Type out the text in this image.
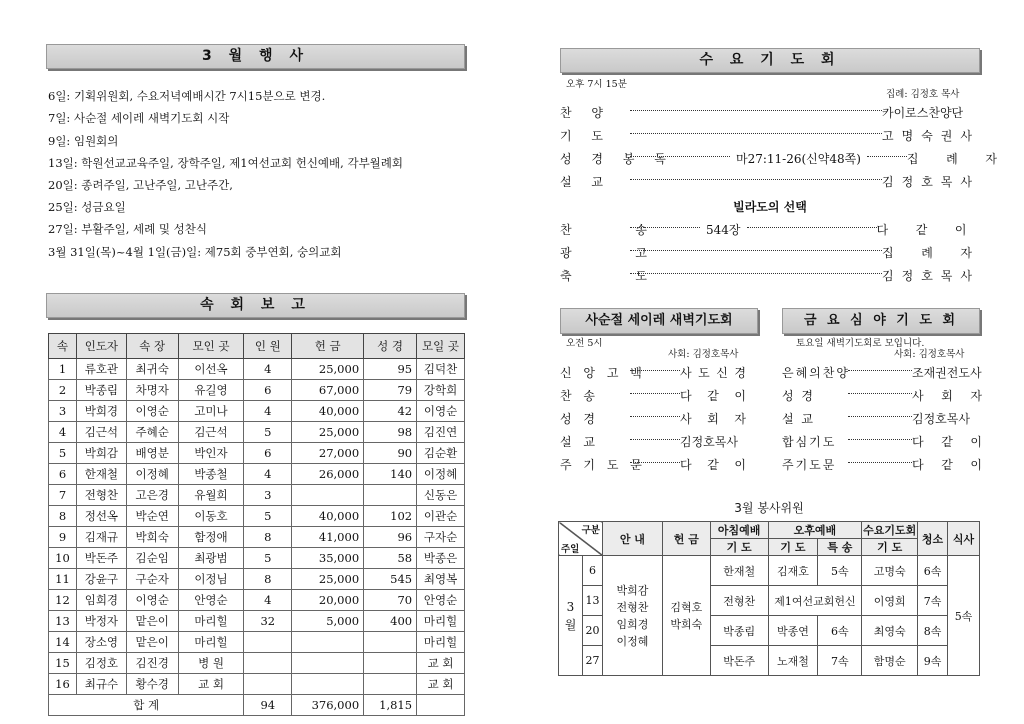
3 월 행 사
6일: 기획위원회, 수요저녁예배시간 7시15분으로 변경.
7일: 사순절 세이레 새벽기도회 시작
9일: 임원회의
13일: 학원선교교육주일, 장학주일, 제1여선교회 헌신예배, 각부월례회
20일: 종려주일, 고난주일, 고난주간,
25일: 성금요일
27일: 부활주일, 세례 및 성찬식
3월 31일(목)~4월 1일(금)일: 제75회 중부연회, 숭의교회
속 회 보 고
속	인도자	속 장	모인 곳	인 원	헌 금	성 경	모일 곳
1	류호관	최귀숙	이선옥	4	25,000	95	김덕찬
2	박종림	차명자	유길영	6	67,000	79	강학희
3	박희경	이영순	고미나	4	40,000	42	이영순
4	김근석	주혜순	김근석	5	25,000	98	김진연
5	박희감	배영분	박인자	6	27,000	90	김순환
6	한재철	이정혜	박종철	4	26,000	140	이정혜
7	전형찬	고은경	유월희	3			신동은
8	정선옥	박순연	이동호	5	40,000	102	이관순
9	김재규	박희숙	함정애	8	41,000	96	구자순
10	박돈주	김순임	최광범	5	35,000	58	박종은
11	강윤구	구순자	이정님	8	25,000	545	최영복
12	임희경	이영순	안영순	4	20,000	70	안영순
13	박정자	맡은이	마리힐	32	5,000	400	마리힐
14	장소영	맡은이	마리힐				마리힐
15	김정호	김진경	병 원				교 회
16	최규수	황수경	교 회				교 회
합 계				94	376,000	1,815	
수 요 기 도 회
오후 7시 15분
집례: 김정호 목사
찬 양	카이로스찬양단
기 도	고 명 숙 권 사
성 경 봉 독	마27:11-26(신약48쪽)	집 례 자
설 교	김 정 호 목 사
빌라도의 선택
찬 송 544장	다 같 이
광 고	집 례 자
축 도	김 정 호 목 사
사순절 세이레 새벽기도회
오전 5시
사회: 김정호목사
신 앙 고 백	사 도 신 경
찬 송	다 같 이
성 경	사 회 자
설 교	김정호목사
주 기 도 문	다 같 이
금 요 심 야 기 도 회
토요일 새벽기도회로 모입니다.
사회: 김정호목사
은혜의찬양	조재권전도사
성 경	사 회 자
설 교	김정호목사
합심기도	다 같 이
주기도문	다 같 이
3월 봉사위원
구분
주일		안 내	헌 금	아침예배	오후예배		수요기도회	청소	식사
				기 도	기 도	특 송	기 도		
3월	6	박희감 전형찬 임희경 이정혜	김혁호 박희숙	한재철	김재호	5속	고명숙	6속	5속
	13			전형찬	제1여선교회헌신		이영희	7속	
	20			박종림	박종연	6속	최영숙	8속	
	27			박돈주	노재철	7속	함명순	9속	
